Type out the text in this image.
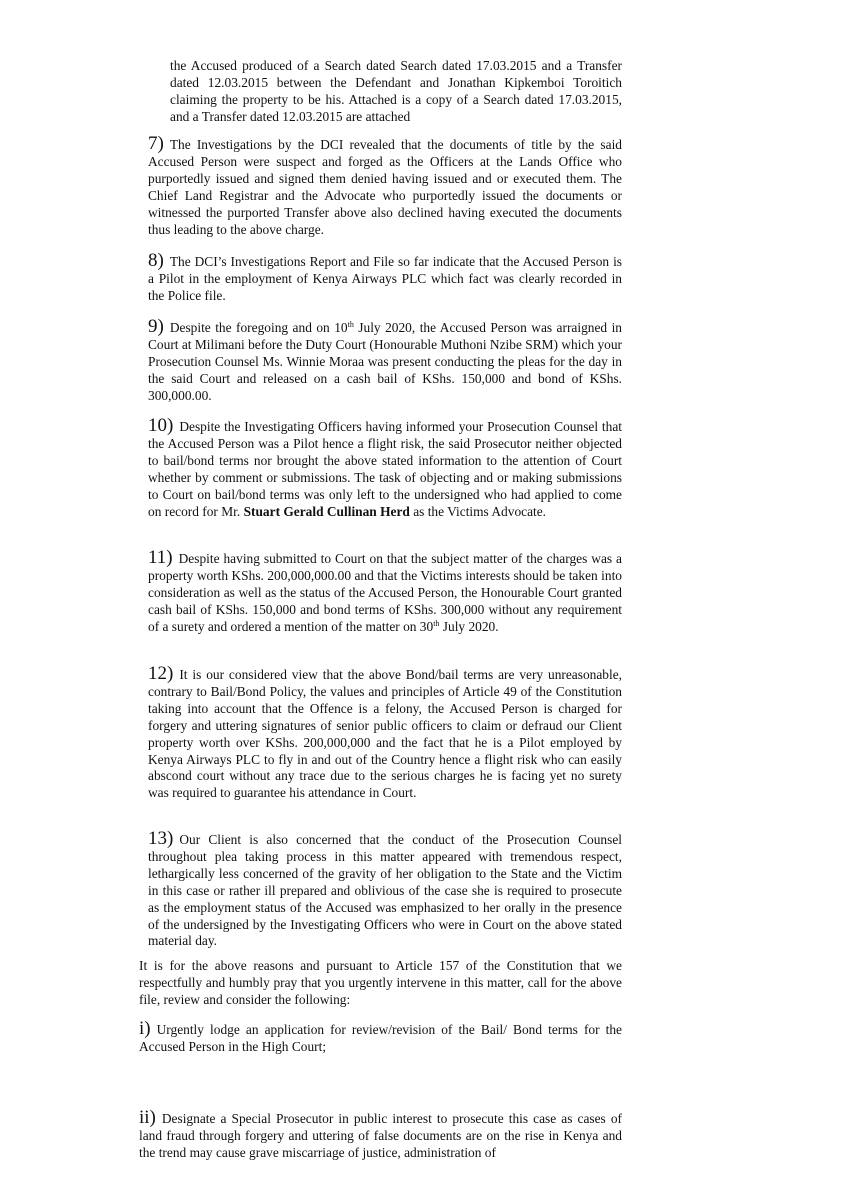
the Accused produced of a Search dated Search dated 17.03.2015 and a Transfer dated 12.03.2015 between the Defendant and Jonathan Kipkemboi Toroitich claiming the property to be his. Attached is a copy of a Search dated 17.03.2015, and a Transfer dated 12.03.2015 are attached

7) The Investigations by the DCI revealed that the documents of title by the said Accused Person were suspect and forged as the Officers at the Lands Office who purportedly issued and signed them denied having issued and or executed them. The Chief Land Registrar and the Advocate who purportedly issued the documents or witnessed the purported Transfer above also declined having executed the documents thus leading to the above charge.

8) The DCI’s Investigations Report and File so far indicate that the Accused Person is a Pilot in the employment of Kenya Airways PLC which fact was clearly recorded in the Police file.

9) Despite the foregoing and on 10th July 2020, the Accused Person was arraigned in Court at Milimani before the Duty Court (Honourable Muthoni Nzibe SRM) which your Prosecution Counsel Ms. Winnie Moraa was present conducting the pleas for the day in the said Court and released on a cash bail of KShs. 150,000 and bond of KShs. 300,000.00.

10) Despite the Investigating Officers having informed your Prosecution Counsel that the Accused Person was a Pilot hence a flight risk, the said Prosecutor neither objected to bail/bond terms nor brought the above stated information to the attention of Court whether by comment or submissions. The task of objecting and or making submissions to Court on bail/bond terms was only left to the undersigned who had applied to come on record for Mr. Stuart Gerald Cullinan Herd as the Victims Advocate.

11) Despite having submitted to Court on that the subject matter of the charges was a property worth KShs. 200,000,000.00 and that the Victims interests should be taken into consideration as well as the status of the Accused Person, the Honourable Court granted cash bail of KShs. 150,000 and bond terms of KShs. 300,000 without any requirement of a surety and ordered a mention of the matter on 30th July 2020.

12) It is our considered view that the above Bond/bail terms are very unreasonable, contrary to Bail/Bond Policy, the values and principles of Article 49 of the Constitution taking into account that the Offence is a felony, the Accused Person is charged for forgery and uttering signatures of senior public officers to claim or defraud our Client property worth over KShs. 200,000,000 and the fact that he is a Pilot employed by Kenya Airways PLC to fly in and out of the Country hence a flight risk who can easily abscond court without any trace due to the serious charges he is facing yet no surety was required to guarantee his attendance in Court.

13) Our Client is also concerned that the conduct of the Prosecution Counsel throughout plea taking process in this matter appeared with tremendous respect, lethargically less concerned of the gravity of her obligation to the State and the Victim in this case or rather ill prepared and oblivious of the case she is required to prosecute as the employment status of the Accused was emphasized to her orally in the presence of the undersigned by the Investigating Officers who were in Court on the above stated material day.

It is for the above reasons and pursuant to Article 157 of the Constitution that we respectfully and humbly pray that you urgently intervene in this matter, call for the above file, review and consider the following:

i) Urgently lodge an application for review/revision of the Bail/ Bond terms for the Accused Person in the High Court;

ii) Designate a Special Prosecutor in public interest to prosecute this case as cases of land fraud through forgery and uttering of false documents are on the rise in Kenya and the trend may cause grave miscarriage of justice, administration of
